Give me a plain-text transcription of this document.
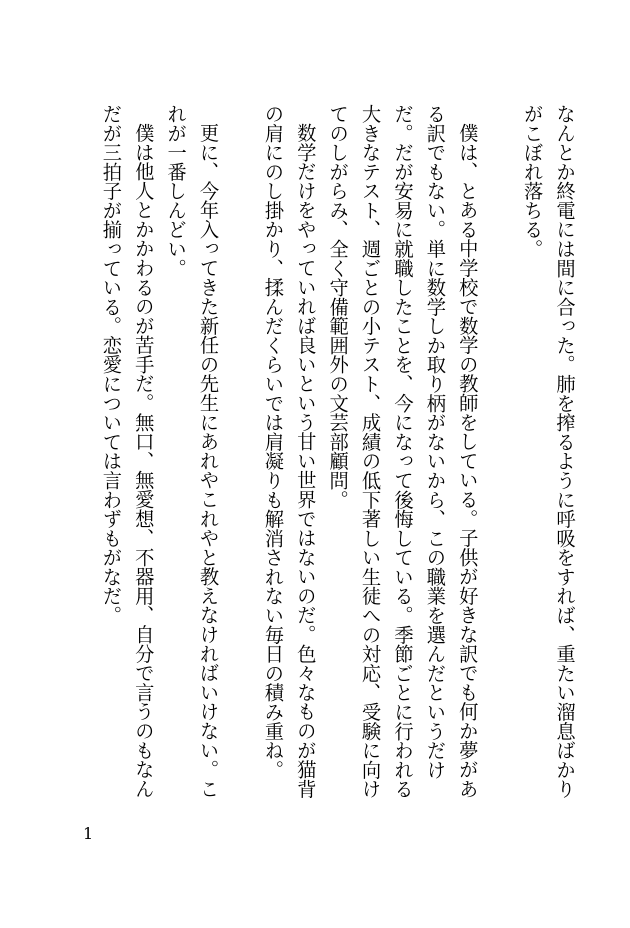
なんとか終電には間に合った。肺を搾るように呼吸をすれば、重たい溜息ばかりがこぼれ落ちる。

僕は、とある中学校で数学の教師をしている。子供が好きな訳でも何か夢がある訳でもない。単に数学しか取り柄がないから、この職業を選んだというだけだ。だが安易に就職したことを、今になって後悔している。季節ごとに行われる大きなテスト、週ごとの小テスト、成績の低下著しい生徒への対応、受験に向けてのしがらみ、全く守備範囲外の文芸部顧問。

数学だけをやっていれば良いという甘い世界ではないのだ。色々なものが猫背の肩にのし掛かり、揉んだくらいでは肩凝りも解消されない毎日の積み重ね。

更に、今年入ってきた新任の先生にあれやこれやと教えなければいけない。これが一番しんどい。

僕は他人とかかわるのが苦手だ。無口、無愛想、不器用、自分で言うのもなんだが三拍子が揃っている。恋愛については言わずもがなだ。

1
